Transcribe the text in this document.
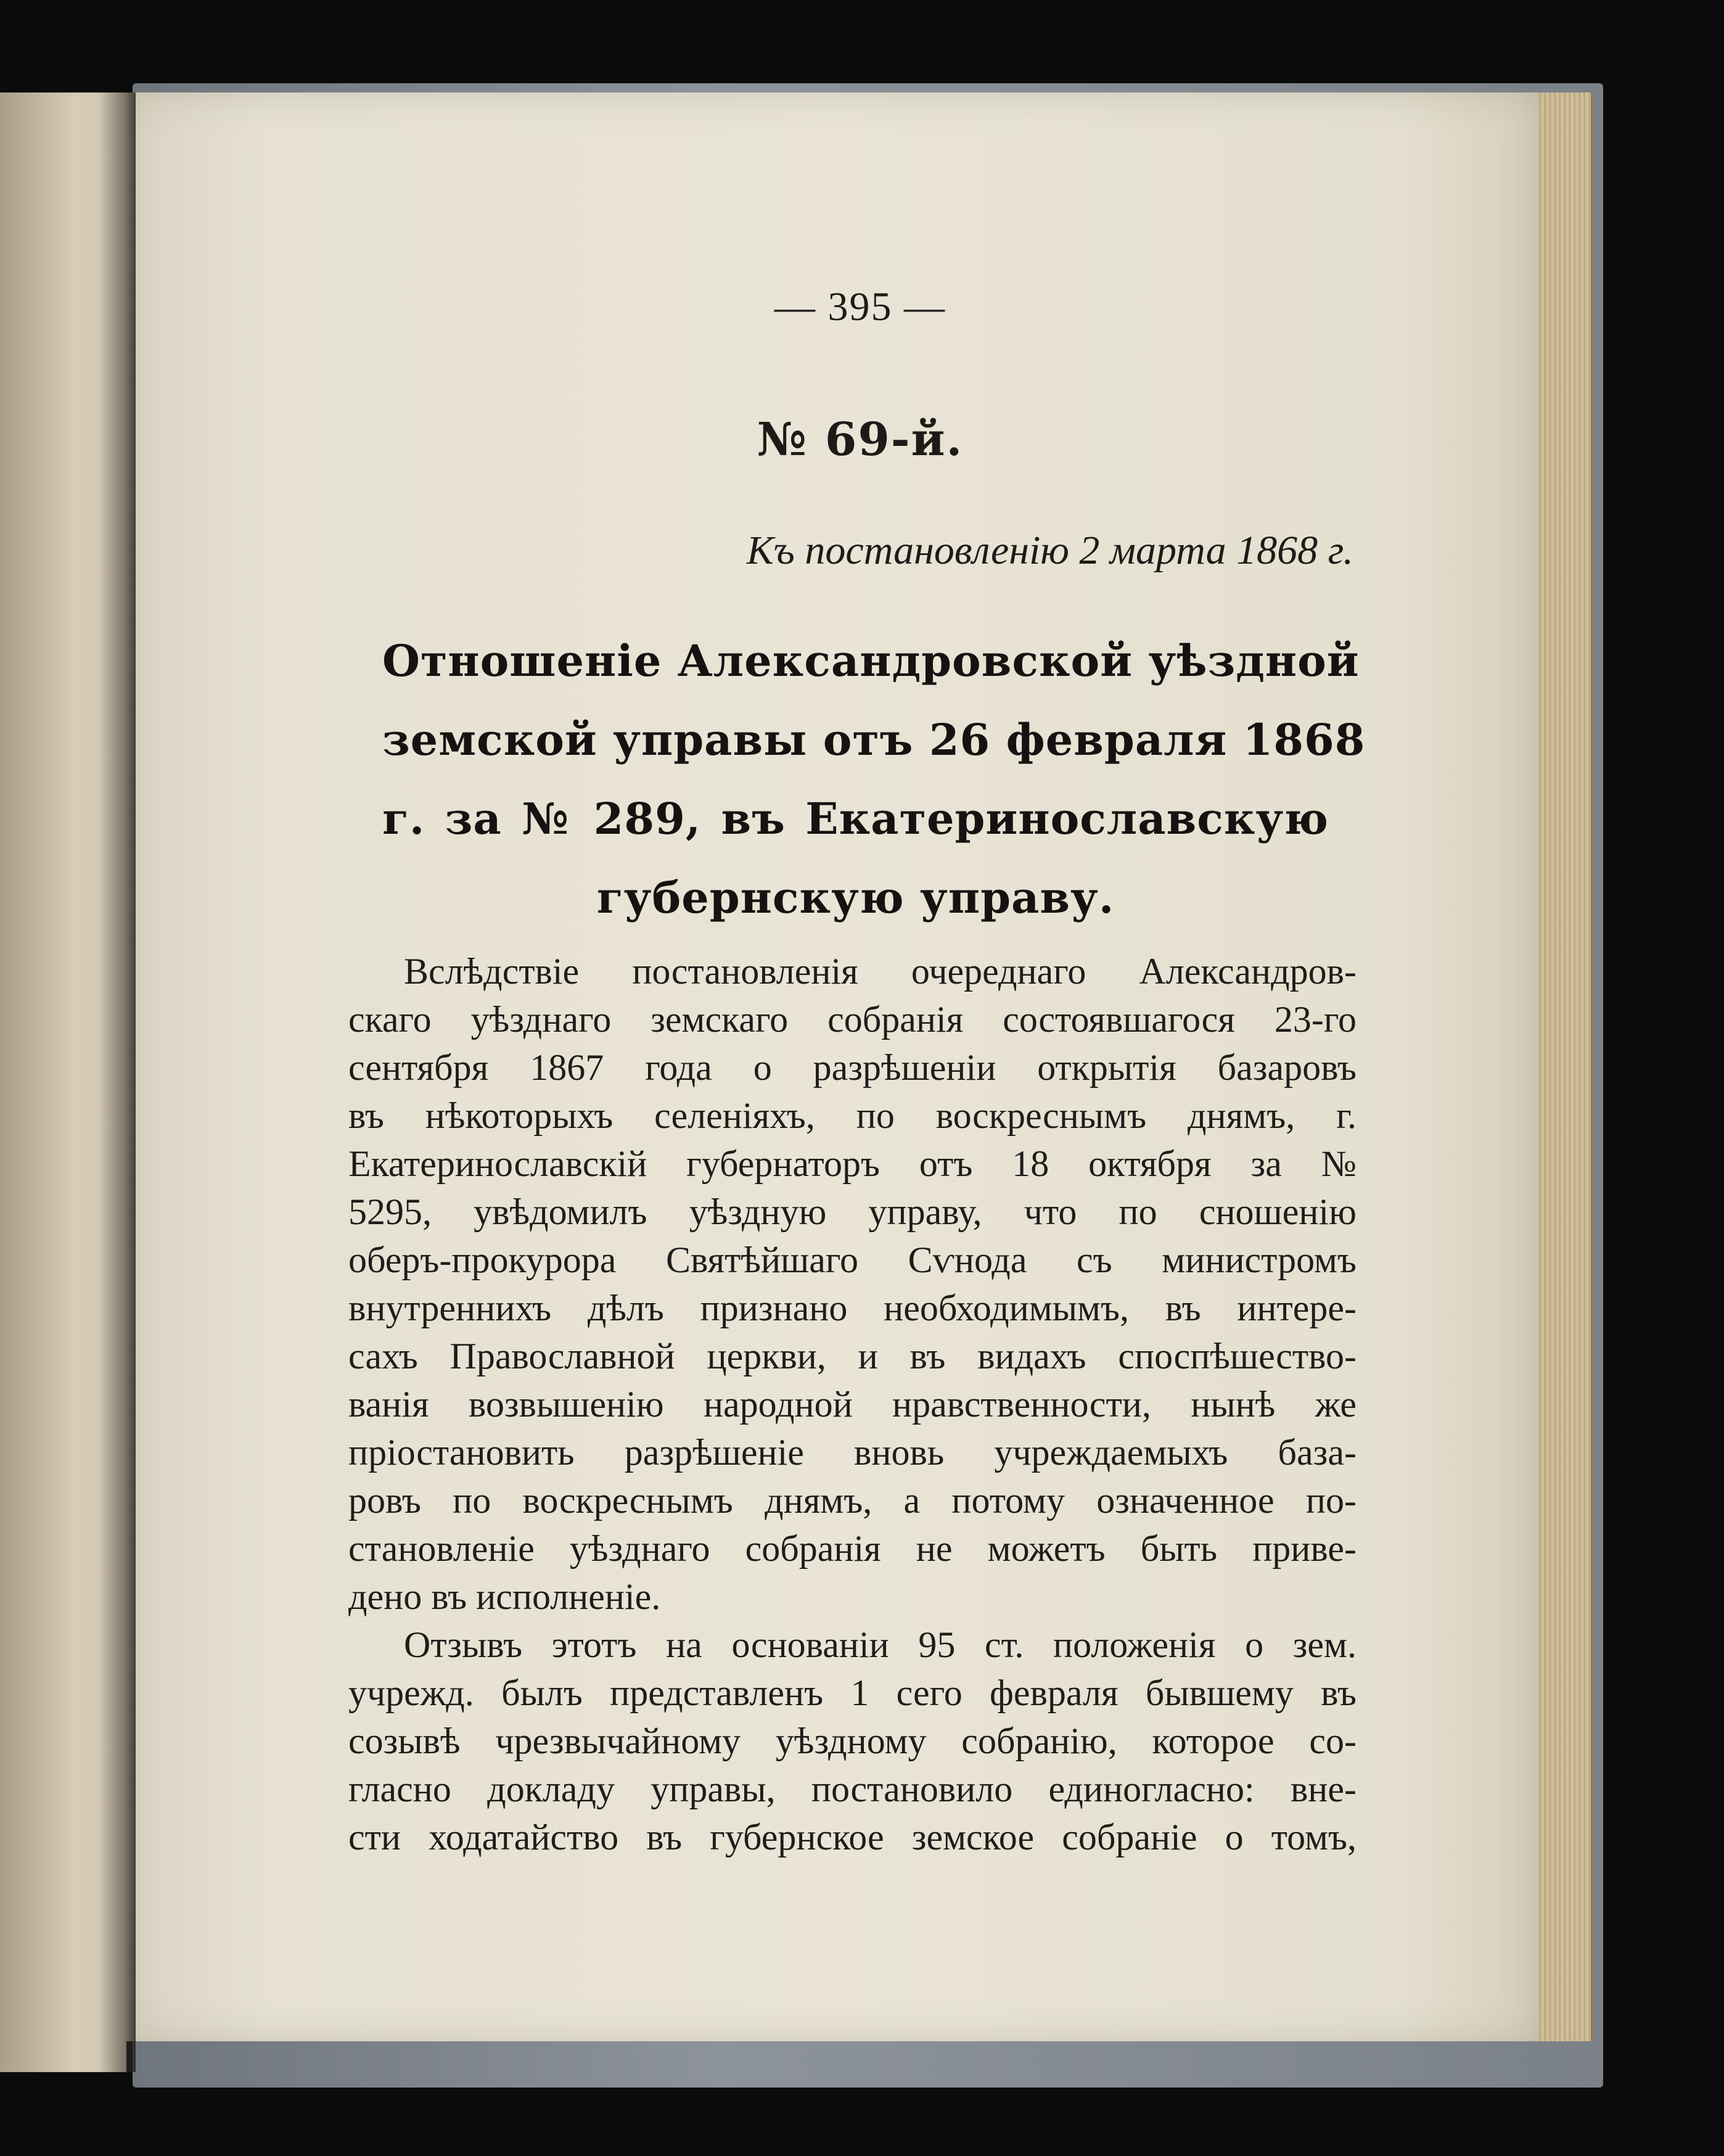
— 395 —
№ 69-й.
Къ постановленію 2 марта 1868 г.
Отношеніе Александровской уѣздной
земской управы отъ 26 февраля 1868
г. за № 289, въ Екатеринославскую
губернскую управу.
Вслѣдствіе постановленія очереднаго Александров-
скаго уѣзднаго земскаго собранія состоявшагося 23-го
сентября 1867 года о разрѣшеніи открытія базаровъ
въ нѣкоторыхъ селеніяхъ, по воскреснымъ днямъ, г.
Екатеринославскій губернаторъ отъ 18 октября за №
5295, увѣдомилъ уѣздную управу, что по сношенію
оберъ-прокурора Святѣйшаго Сѵнода съ министромъ
внутреннихъ дѣлъ признано необходимымъ, въ интере-
сахъ Православной церкви, и въ видахъ споспѣшество-
ванія возвышенію народной нравственности, нынѣ же
пріостановить разрѣшеніе вновь учреждаемыхъ база-
ровъ по воскреснымъ днямъ, а потому означенное по-
становленіе уѣзднаго собранія не можетъ быть приве-
дено въ исполненіе.
Отзывъ этотъ на основаніи 95 ст. положенія о зем.
учрежд. былъ представленъ 1 сего февраля бывшему въ
созывѣ чрезвычайному уѣздному собранію, которое со-
гласно докладу управы, постановило единогласно: вне-
сти ходатайство въ губернское земское собраніе о томъ,
